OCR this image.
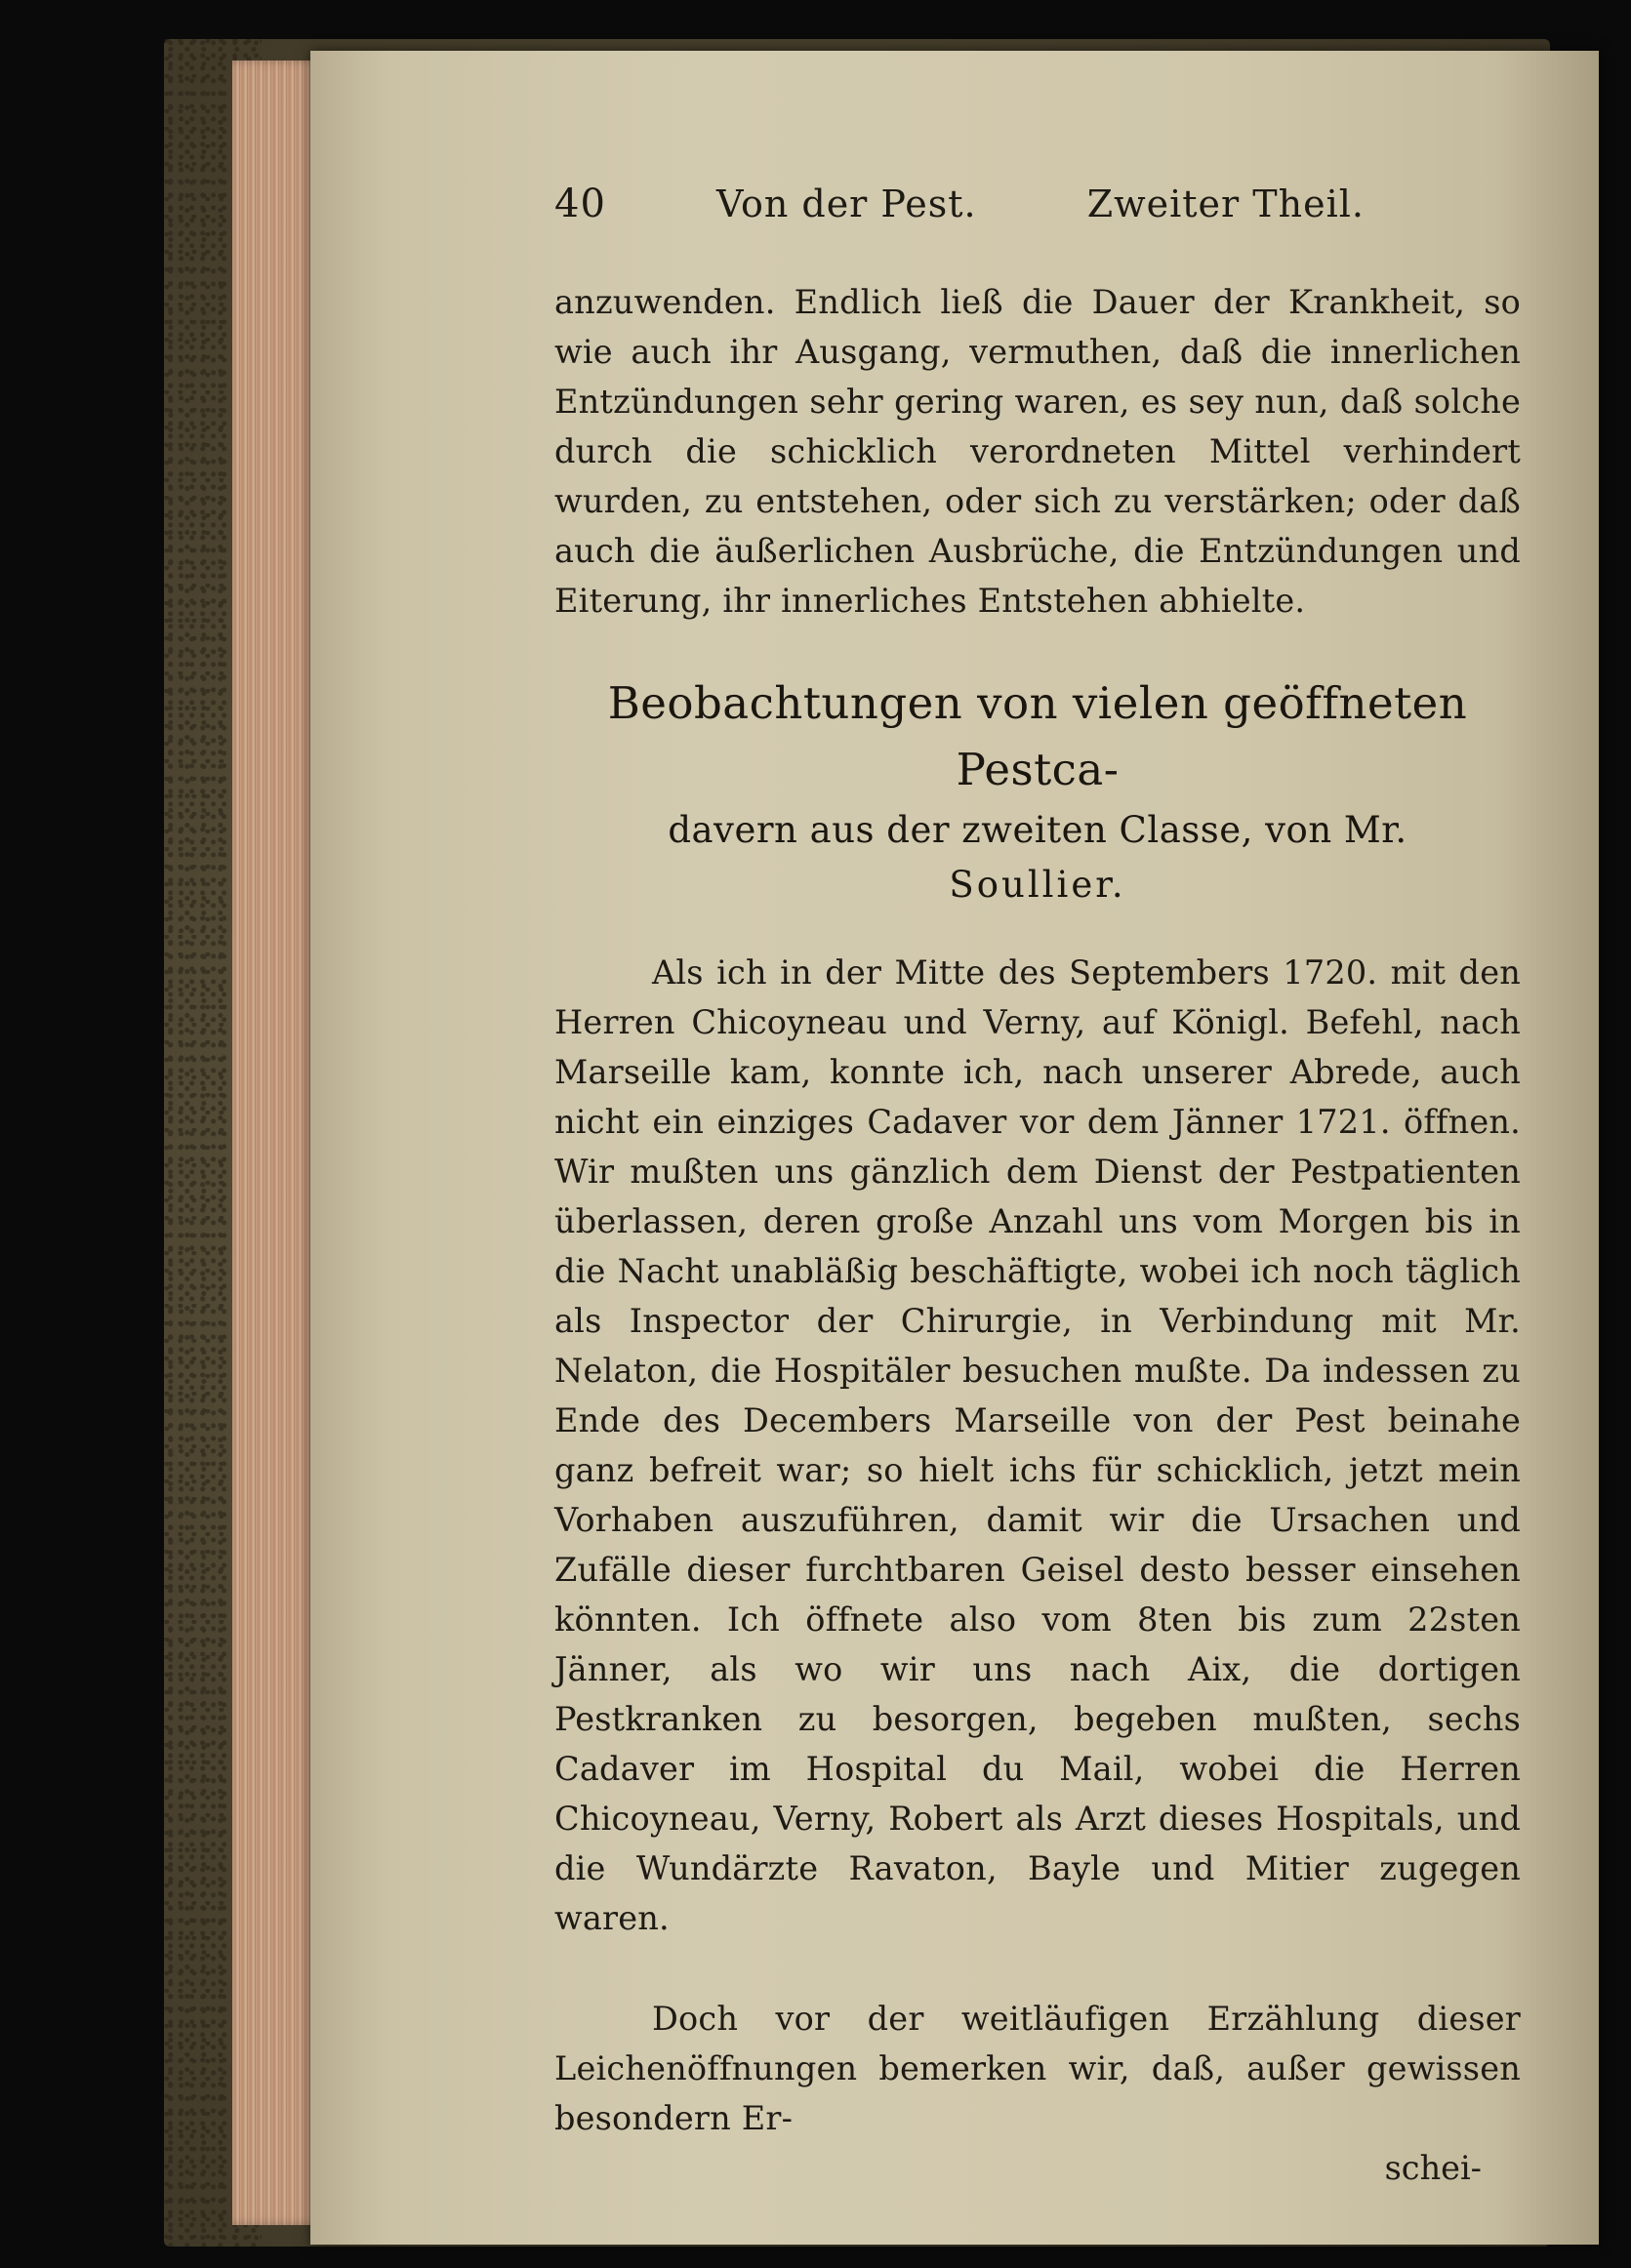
40	Von der Pest.	Zweiter Theil.

anzuwenden. Endlich ließ die Dauer der Krankheit, so wie auch ihr Ausgang, vermuthen, daß die innerlichen Entzündungen sehr gering waren, es sey nun, daß solche durch die schicklich verordneten Mittel verhindert wurden, zu entstehen, oder sich zu verstärken; oder daß auch die äußerlichen Ausbrüche, die Entzündungen und Eiterung, ihr innerliches Entstehen abhielte.

Beobachtungen von vielen geöffneten Pestca-
davern aus der zweiten Classe, von Mr.
Soullier.

Als ich in der Mitte des Septembers 1720. mit den Herren Chicoyneau und Verny, auf Königl. Befehl, nach Marseille kam, konnte ich, nach unserer Abrede, auch nicht ein einziges Cadaver vor dem Jänner 1721. öffnen. Wir mußten uns gänzlich dem Dienst der Pestpatienten überlassen, deren große Anzahl uns vom Morgen bis in die Nacht unabläßig beschäftigte, wobei ich noch täglich als Inspector der Chirurgie, in Verbindung mit Mr. Nelaton, die Hospitäler besuchen mußte. Da indessen zu Ende des Decembers Marseille von der Pest beinahe ganz befreit war; so hielt ichs für schicklich, jetzt mein Vorhaben auszuführen, damit wir die Ursachen und Zufälle dieser furchtbaren Geisel desto besser einsehen könnten. Ich öffnete also vom 8ten bis zum 22sten Jänner, als wo wir uns nach Aix, die dortigen Pestkranken zu besorgen, begeben mußten, sechs Cadaver im Hospital du Mail, wobei die Herren Chicoyneau, Verny, Robert als Arzt dieses Hospitals, und die Wundärzte Ravaton, Bayle und Mitier zugegen waren.

Doch vor der weitläufigen Erzählung dieser Leichenöffnungen bemerken wir, daß, außer gewissen besondern Er-

schei-
